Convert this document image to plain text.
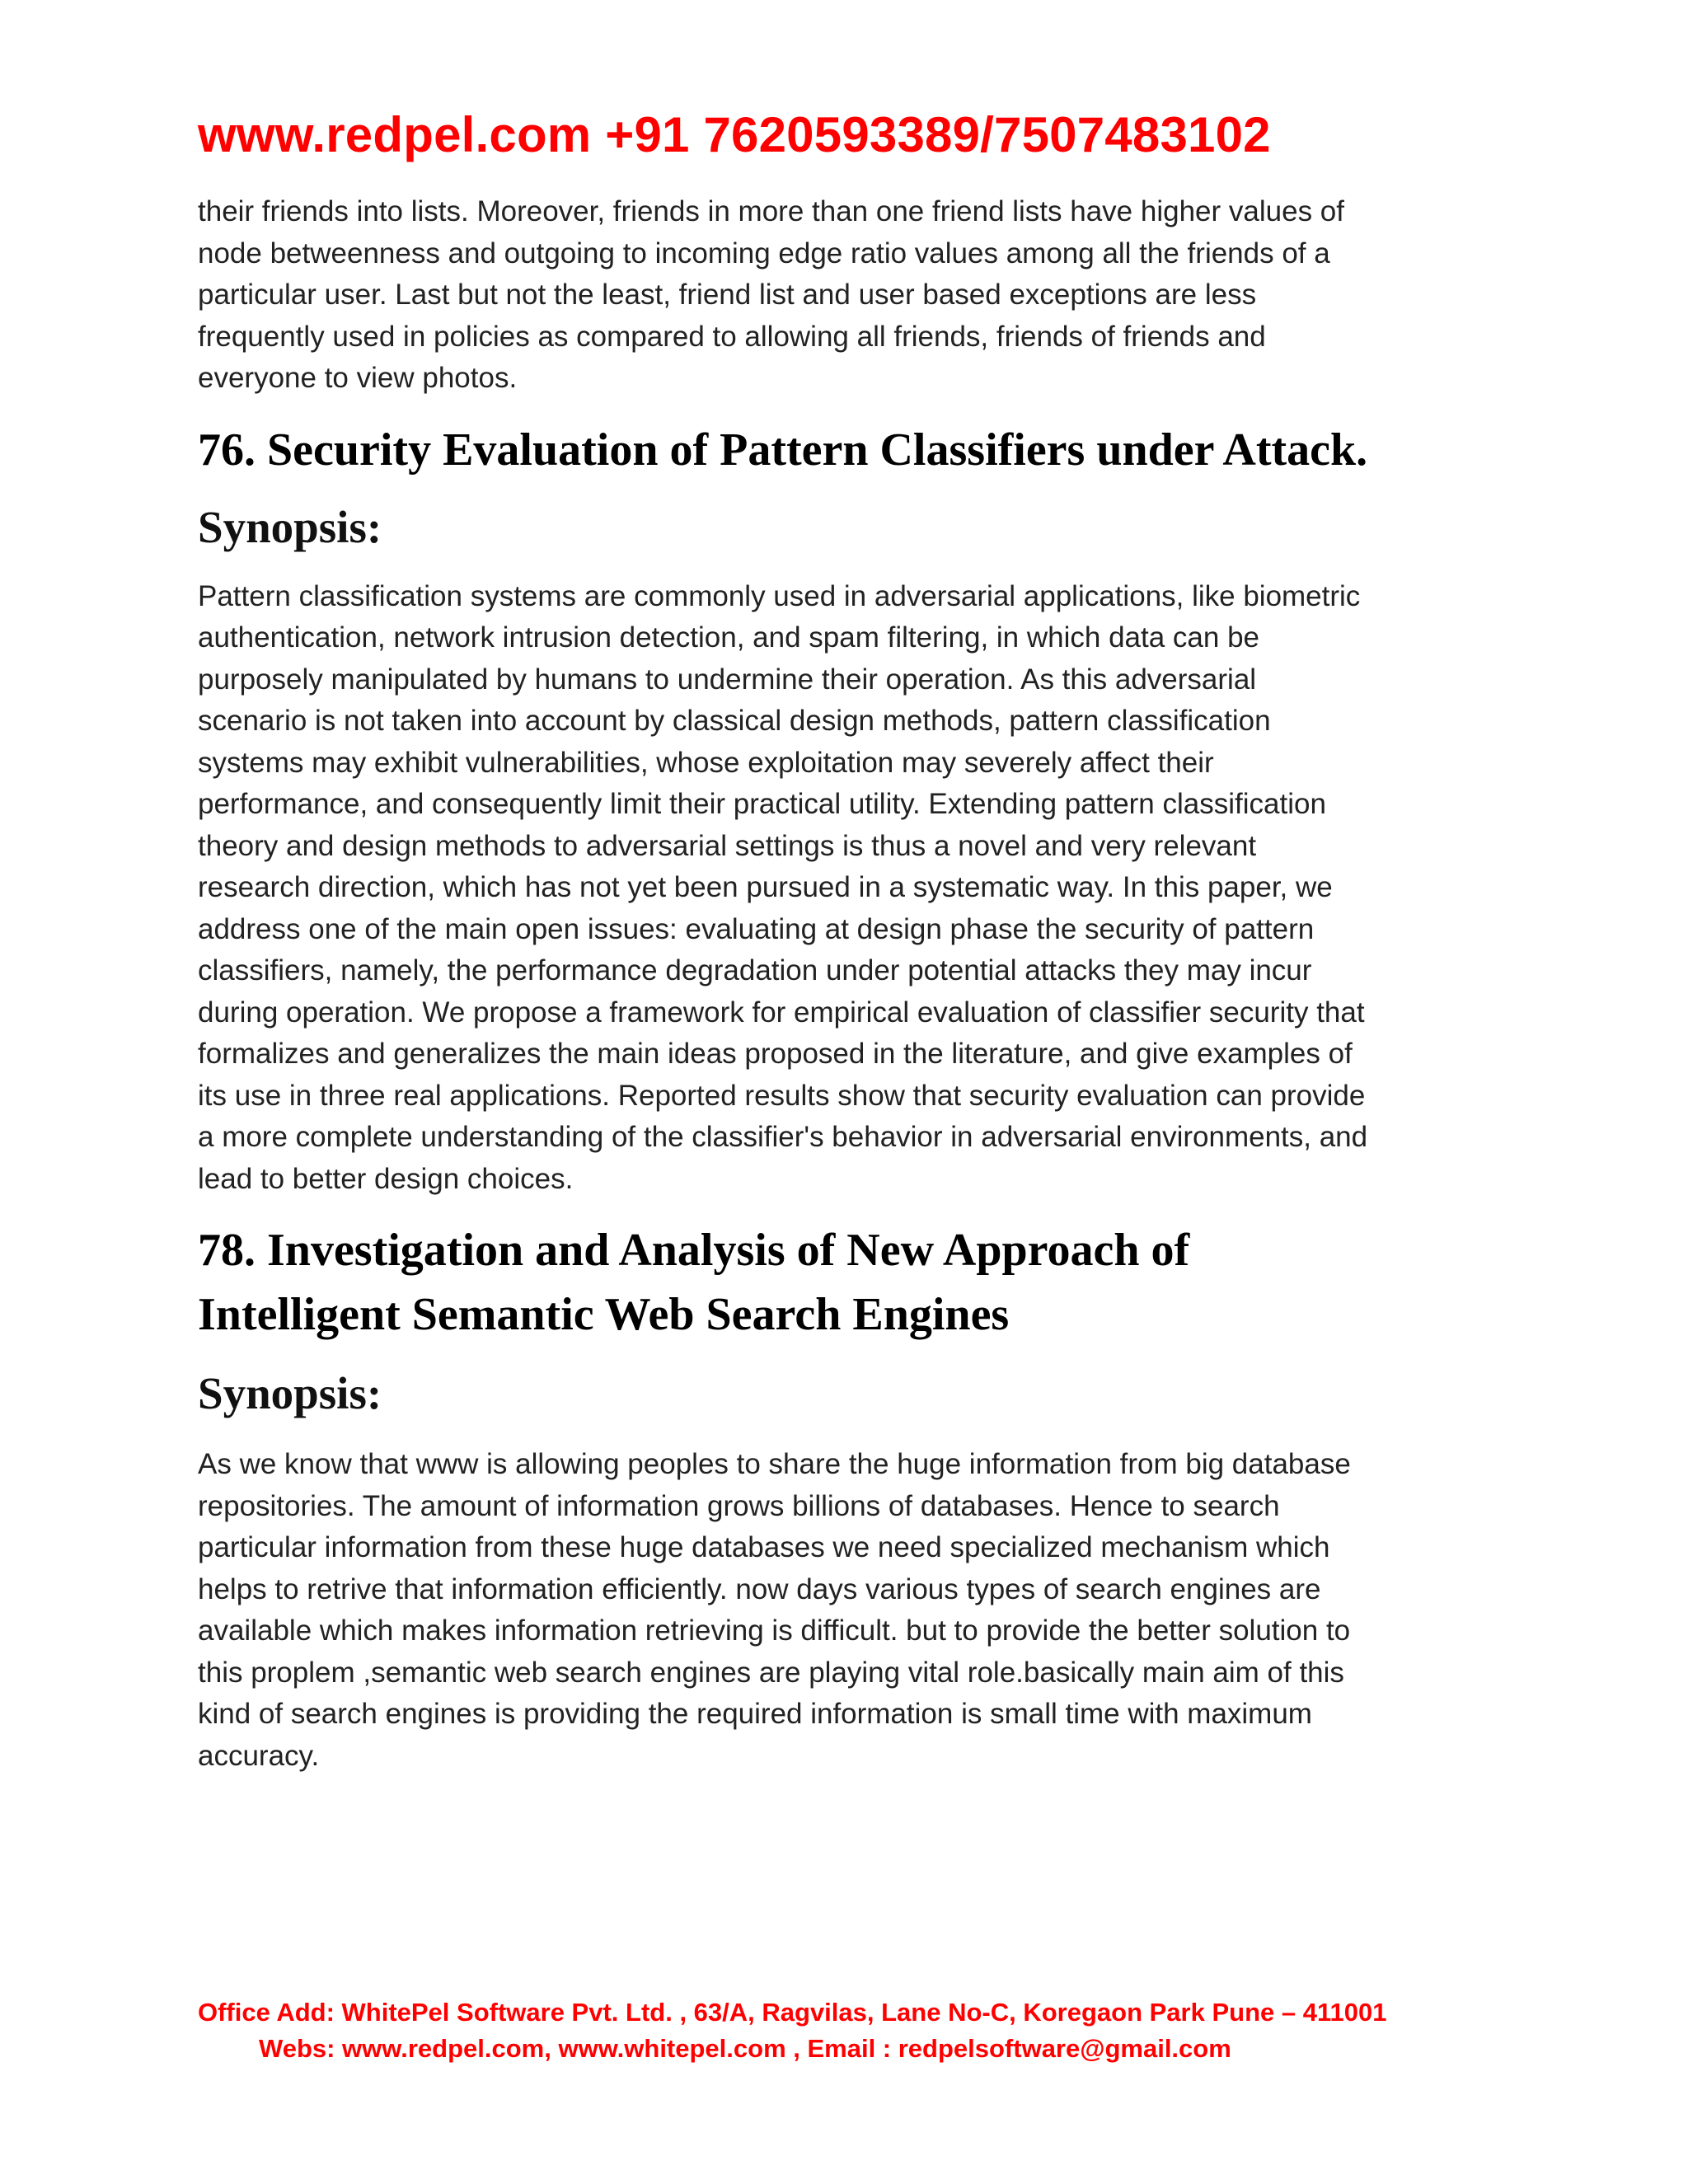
www.redpel.com +91 7620593389/7507483102

their friends into lists. Moreover, friends in more than one friend lists have higher values of
node betweenness and outgoing to incoming edge ratio values among all the friends of a
particular user. Last but not the least, friend list and user based exceptions are less
frequently used in policies as compared to allowing all friends, friends of friends and
everyone to view photos.

76. Security Evaluation of Pattern Classifiers under Attack.
Synopsis:

Pattern classification systems are commonly used in adversarial applications, like biometric
authentication, network intrusion detection, and spam filtering, in which data can be
purposely manipulated by humans to undermine their operation. As this adversarial
scenario is not taken into account by classical design methods, pattern classification
systems may exhibit vulnerabilities, whose exploitation may severely affect their
performance, and consequently limit their practical utility. Extending pattern classification
theory and design methods to adversarial settings is thus a novel and very relevant
research direction, which has not yet been pursued in a systematic way. In this paper, we
address one of the main open issues: evaluating at design phase the security of pattern
classifiers, namely, the performance degradation under potential attacks they may incur
during operation. We propose a framework for empirical evaluation of classifier security that
formalizes and generalizes the main ideas proposed in the literature, and give examples of
its use in three real applications. Reported results show that security evaluation can provide
a more complete understanding of the classifier's behavior in adversarial environments, and
lead to better design choices.

78. Investigation and Analysis of New Approach of
Intelligent Semantic Web Search Engines
Synopsis:

As we know that www is allowing peoples to share the huge information from big database
repositories. The amount of information grows billions of databases. Hence to search
particular information from these huge databases we need specialized mechanism which
helps to retrive that information efficiently. now days various types of search engines are
available which makes information retrieving is difficult. but to provide the better solution to
this proplem ,semantic web search engines are playing vital role.basically main aim of this
kind of search engines is providing the required information is small time with maximum
accuracy.

Office Add: WhitePel Software Pvt. Ltd. , 63/A, Ragvilas, Lane No-C, Koregaon Park Pune – 411001
Webs: www.redpel.com, www.whitepel.com , Email : redpelsoftware@gmail.com
